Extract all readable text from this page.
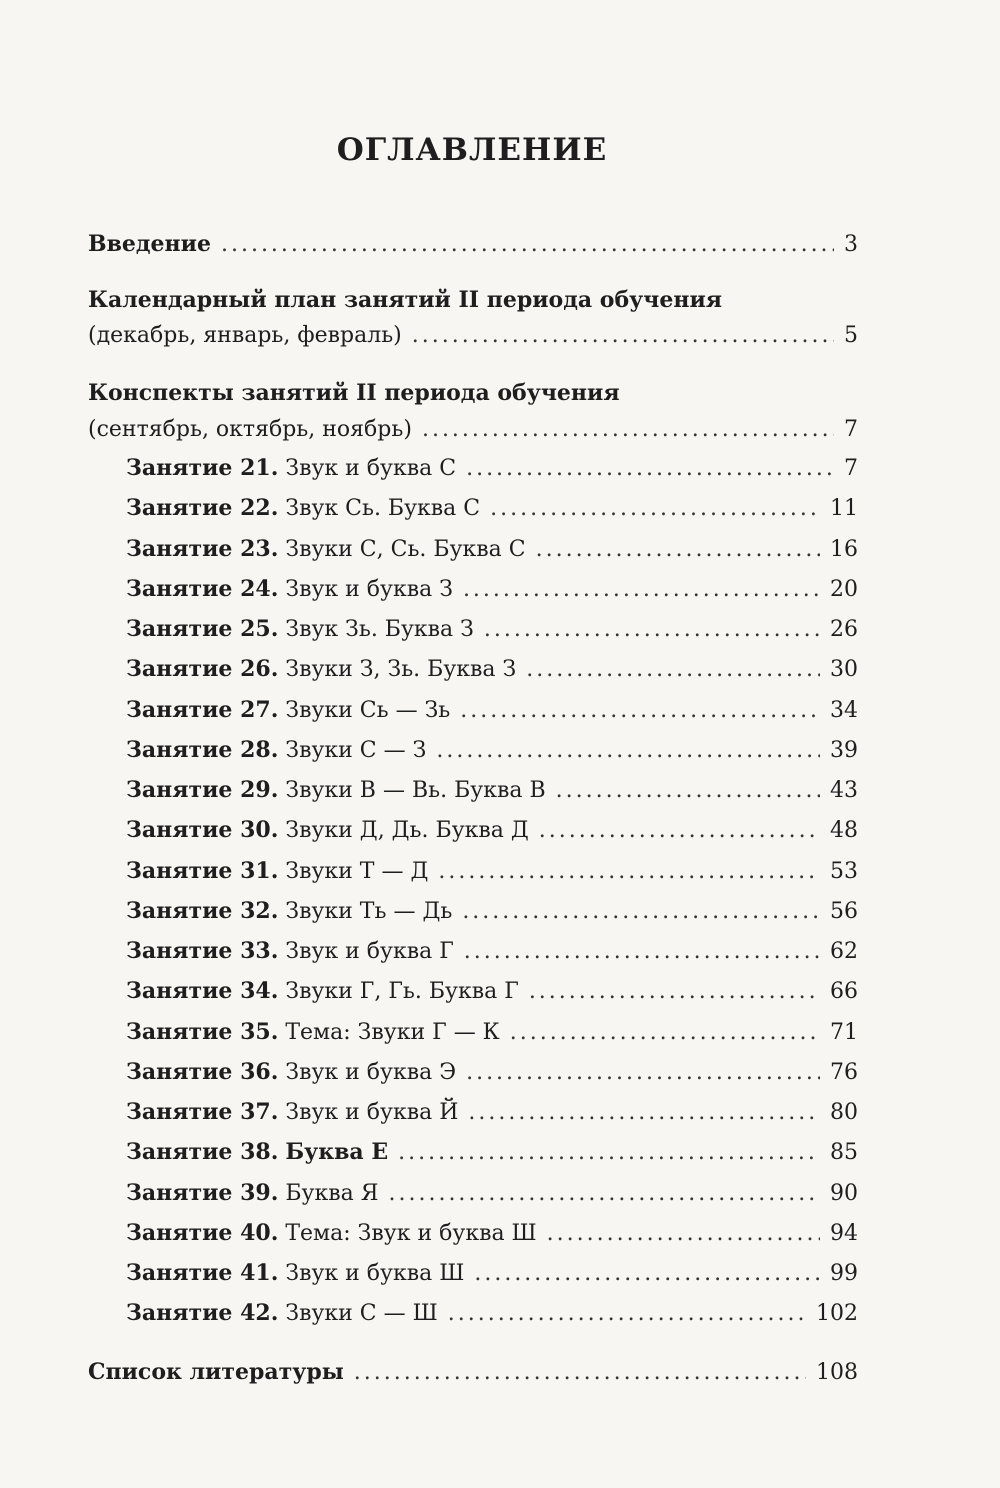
ОГЛАВЛЕНИЕ
Введение .....	3
Календарный план занятий II периода обучения
(декабрь, январь, февраль) .....	5
Конспекты занятий II периода обучения
(сентябрь, октябрь, ноябрь) .....	7
Занятие 21. Звук и буква С .....	7
Занятие 22. Звук Сь. Буква С .....	11
Занятие 23. Звуки С, Сь. Буква С .....	16
Занятие 24. Звук и буква З .....	20
Занятие 25. Звук Зь. Буква З .....	26
Занятие 26. Звуки З, Зь. Буква З .....	30
Занятие 27. Звуки Сь — Зь .....	34
Занятие 28. Звуки С — З .....	39
Занятие 29. Звуки В — Вь. Буква В .....	43
Занятие 30. Звуки Д, Дь. Буква Д .....	48
Занятие 31. Звуки Т — Д .....	53
Занятие 32. Звуки Ть — Дь .....	56
Занятие 33. Звук и буква Г .....	62
Занятие 34. Звуки Г, Гь. Буква Г .....	66
Занятие 35. Тема: Звуки Г — К .....	71
Занятие 36. Звук и буква Э .....	76
Занятие 37. Звук и буква Й .....	80
Занятие 38. Буква Е .....	85
Занятие 39. Буква Я .....	90
Занятие 40. Тема: Звук и буква Ш .....	94
Занятие 41. Звук и буква Ш .....	99
Занятие 42. Звуки С — Ш .....	102
Список литературы .....	108
